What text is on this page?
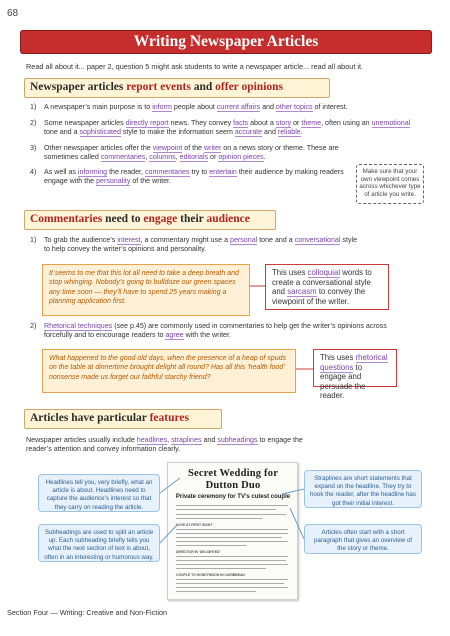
68
Writing Newspaper Articles
Read all about it... paper 2, question 5 might ask students to write a newspaper article... read all about it.
Newspaper articles report events and offer opinions
1) A newspaper’s main purpose is to inform people about current affairs and other topics of interest.
2) Some newspaper articles directly report news. They convey facts about a story or theme, often using an unemotional tone and a sophisticated style to make the information seem accurate and reliable.
3) Other newspaper articles offer the viewpoint of the writer on a news story or theme. These are sometimes called commentaries, columns, editorials or opinion pieces.
4) As well as informing the reader, commentaries try to entertain their audience by making readers engage with the personality of the writer.
Make sure that your own viewpoint comes across whichever type of article you write.
Commentaries need to engage their audience
1) To grab the audience’s interest, a commentary might use a personal tone and a conversational style to help convey the writer’s opinions and personality.
It seems to me that this lot all need to take a deep breath and stop whinging. Nobody’s going to bulldoze our green spaces any time soon — they’ll have to spend 25 years making a planning application first.
This uses colloquial words to create a conversational style and sarcasm to convey the viewpoint of the writer.
2) Rhetorical techniques (see p.45) are commonly used in commentaries to help get the writer’s opinions across forcefully and to encourage readers to agree with the writer.
What happened to the good old days, when the presence of a heap of spuds on the table at dinnertime brought delight all round? Has all this ‘health food’ nonsense made us forget our faithful starchy friend?
This uses rhetorical questions to engage and persuade the reader.
Articles have particular features
Newspaper articles usually include headlines, straplines and subheadings to engage the reader’s attention and convey information clearly.
Headlines tell you, very briefly, what an article is about. Headlines need to capture the audience’s interest so that they carry on reading the article.
Subheadings are used to split an article up. Each subheading briefly tells you what the next section of text is about, often in an interesting or humorous way.
Straplines are short statements that expand on the headline. They try to hook the reader, after the headline has got their initial interest.
Articles often start with a short paragraph that gives an overview of the story or theme.
Secret Wedding for Dutton Duo
Private ceremony for TV’s cutest couple
LOVE AT FIRST SIGHT
DIRECTOR IN ‘DELIGHTED’
COUPLE TO HONEYMOON IN CARIBBEAN
Section Four — Writing: Creative and Non-Fiction
